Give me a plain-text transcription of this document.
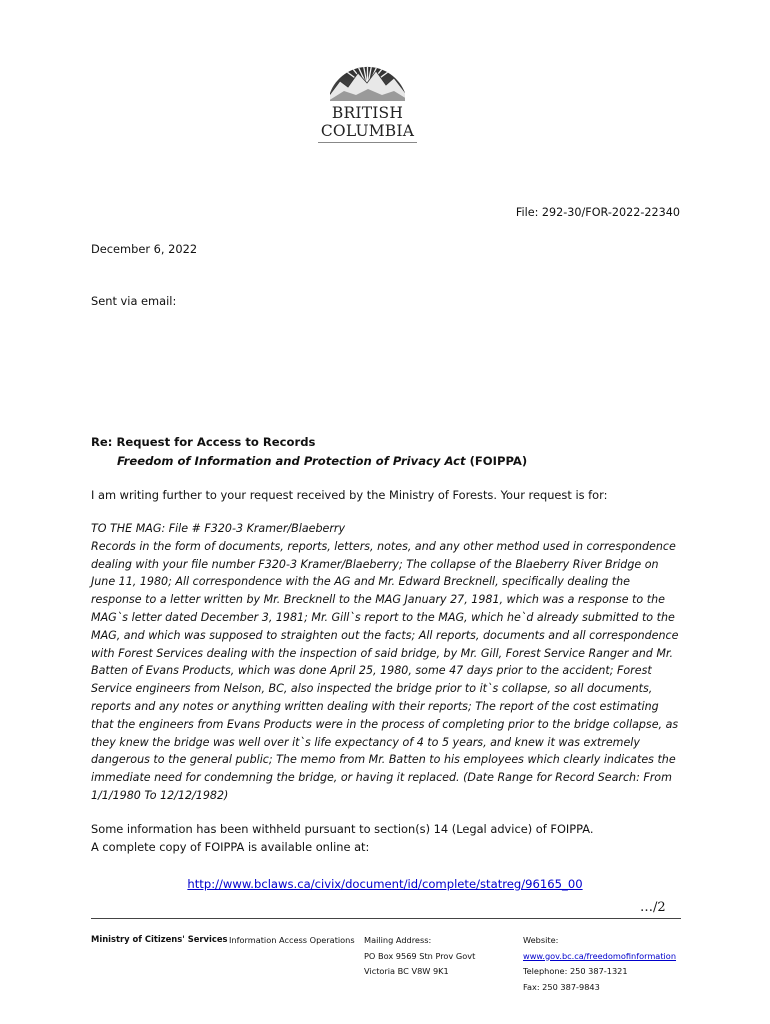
BRITISH
COLUMBIA
File: 292-30/FOR-2022-22340
December 6, 2022
Sent via email:
Re: Request for Access to Records
Freedom of Information and Protection of Privacy Act (FOIPPA)
I am writing further to your request received by the Ministry of Forests. Your request is for:
TO THE MAG: File # F320-3 Kramer/Blaeberry
Records in the form of documents, reports, letters, notes, and any other method used in correspondence
dealing with your file number F320-3 Kramer/Blaeberry; The collapse of the Blaeberry River Bridge on
June 11, 1980; All correspondence with the AG and Mr. Edward Brecknell, specifically dealing the
response to a letter written by Mr. Brecknell to the MAG January 27, 1981, which was a response to the
MAG`s letter dated December 3, 1981; Mr. Gill`s report to the MAG, which he`d already submitted to the
MAG, and which was supposed to straighten out the facts; All reports, documents and all correspondence
with Forest Services dealing with the inspection of said bridge, by Mr. Gill, Forest Service Ranger and Mr.
Batten of Evans Products, which was done April 25, 1980, some 47 days prior to the accident; Forest
Service engineers from Nelson, BC, also inspected the bridge prior to it`s collapse, so all documents,
reports and any notes or anything written dealing with their reports; The report of the cost estimating
that the engineers from Evans Products were in the process of completing prior to the bridge collapse, as
they knew the bridge was well over it`s life expectancy of 4 to 5 years, and knew it was extremely
dangerous to the general public; The memo from Mr. Batten to his employees which clearly indicates the
immediate need for condemning the bridge, or having it replaced. (Date Range for Record Search: From
1/1/1980 To 12/12/1982)
Some information has been withheld pursuant to section(s) 14 (Legal advice) of FOIPPA.
A complete copy of FOIPPA is available online at:
http://www.bclaws.ca/civix/document/id/complete/statreg/96165_00
…/2
Ministry of Citizens' Services Information Access Operations Mailing Address:
PO Box 9569 Stn Prov Govt
Victoria BC V8W 9K1
Website:
www.gov.bc.ca/freedomofinformation
Telephone: 250 387-1321
Fax: 250 387-9843
